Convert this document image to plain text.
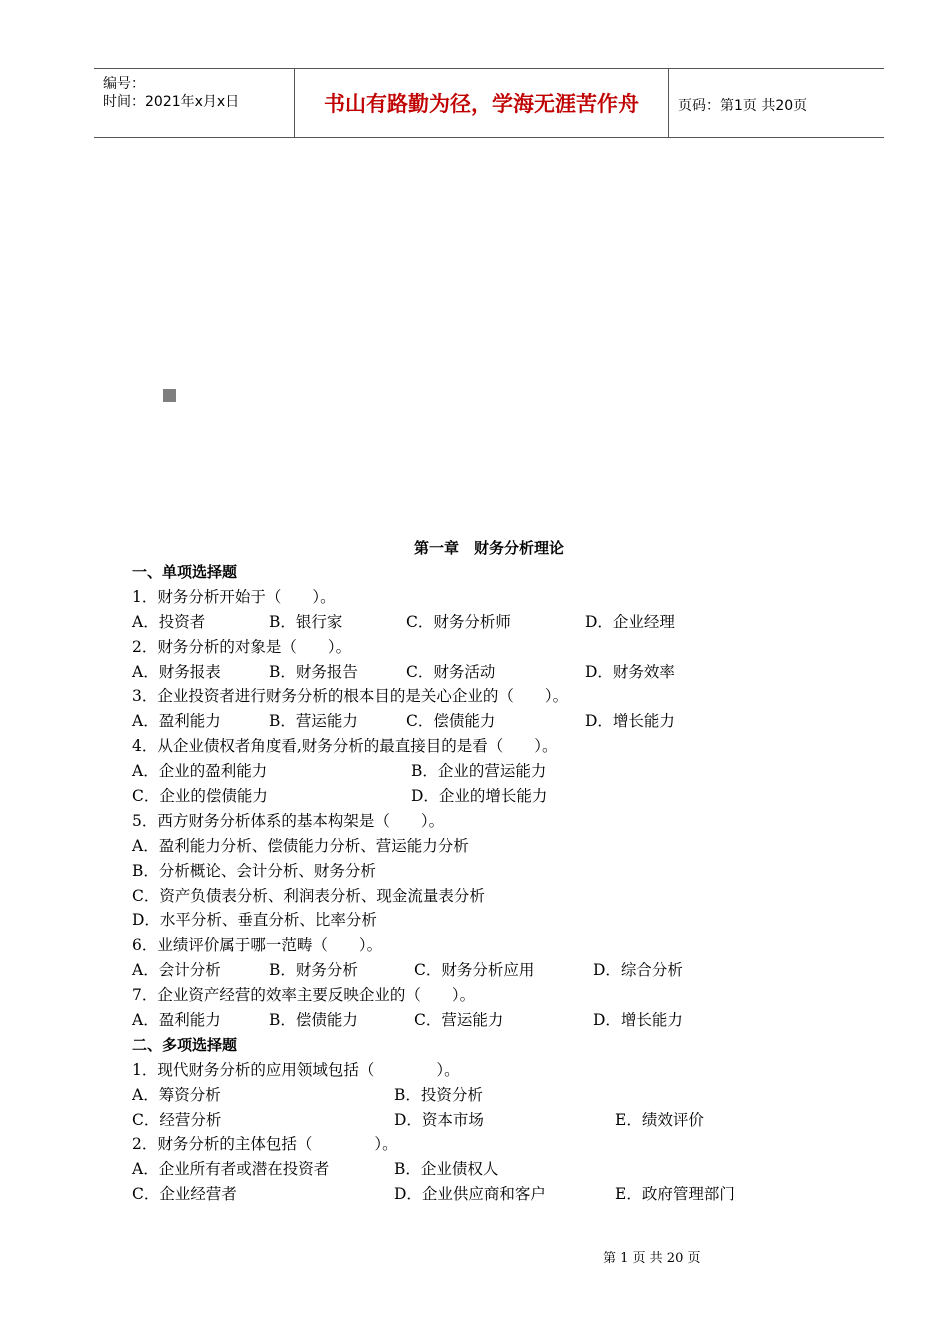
编号：
时间：2021年x月x日	书山有路勤为径，学海无涯苦作舟	页码：第1页 共20页
第一章　财务分析理论
一、单项选择题
1．财务分析开始于（　　）。
A．投资者	B．银行家	C．财务分析师	D．企业经理
2．财务分析的对象是（　　）。
A．财务报表	B．财务报告	C．财务活动	D．财务效率
3．企业投资者进行财务分析的根本目的是关心企业的（　　）。
A．盈利能力	B．营运能力	C．偿债能力	D．增长能力
4．从企业债权者角度看,财务分析的最直接目的是看（　　）。
A．企业的盈利能力	B．企业的营运能力
C．企业的偿债能力	D．企业的增长能力
5．西方财务分析体系的基本构架是（　　）。
A．盈利能力分析、偿债能力分析、营运能力分析
B．分析概论、会计分析、财务分析
C．资产负债表分析、利润表分析、现金流量表分析
D．水平分析、垂直分析、比率分析
6．业绩评价属于哪一范畴（　　）。
A．会计分析	B．财务分析	C．财务分析应用	D．综合分析
7．企业资产经营的效率主要反映企业的（　　）。
A．盈利能力	B．偿债能力	C．营运能力	D．增长能力
二、多项选择题
1．现代财务分析的应用领域包括（　　　　）。
A．筹资分析	B．投资分析
C．经营分析	D．资本市场	E．绩效评价
2．财务分析的主体包括（　　　　）。
A．企业所有者或潜在投资者	B．企业债权人
C．企业经营者	D．企业供应商和客户	E．政府管理部门
第 1 页 共 20 页
